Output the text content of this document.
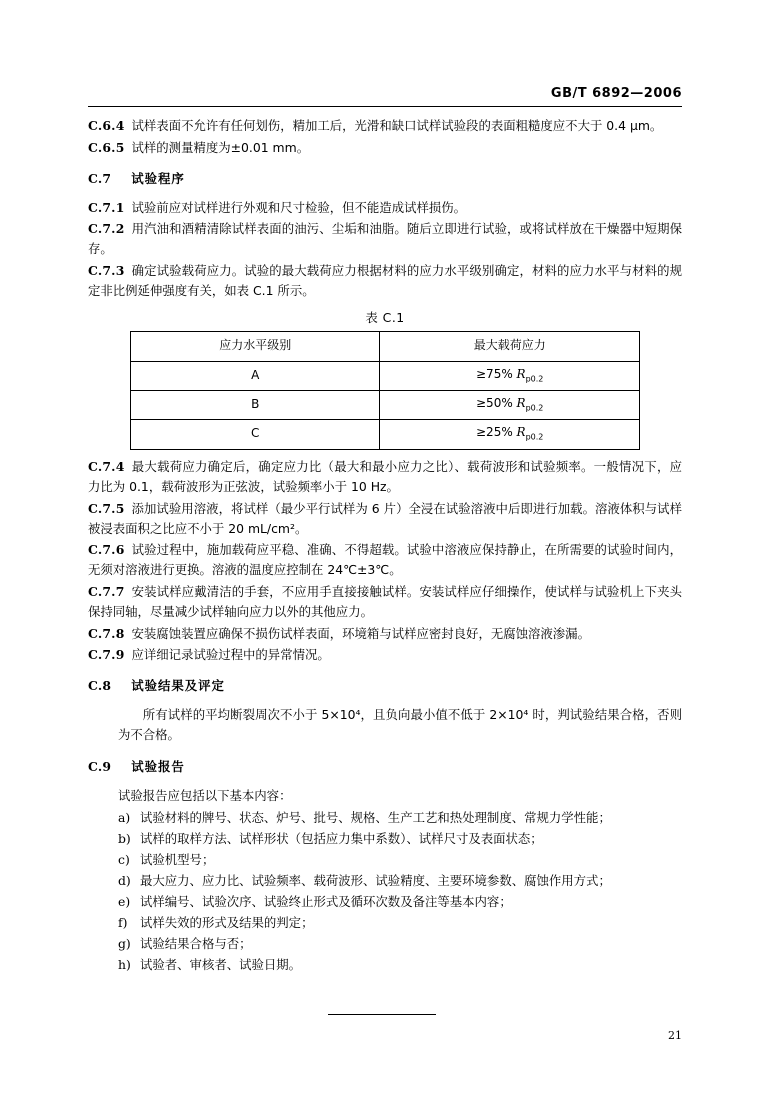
GB/T 6892—2006

C.6.4 试样表面不允许有任何划伤，精加工后，光滑和缺口试样试验段的表面粗糙度应不大于 0.4 μm。

C.6.5 试样的测量精度为±0.01 mm。

C.7 试验程序

C.7.1 试验前应对试样进行外观和尺寸检验，但不能造成试样损伤。

C.7.2 用汽油和酒精清除试样表面的油污、尘垢和油脂。随后立即进行试验，或将试样放在干燥器中短期保存。

C.7.3 确定试验载荷应力。试验的最大载荷应力根据材料的应力水平级别确定，材料的应力水平与材料的规定非比例延伸强度有关，如表 C.1 所示。

表 C.1
应力水平级别	最大载荷应力
A	≥75% $R_{p0.2}$
B	≥50% $R_{p0.2}$
C	≥25% $R_{p0.2}$

C.7.4 最大载荷应力确定后，确定应力比（最大和最小应力之比）、载荷波形和试验频率。一般情况下，应力比为 0.1，载荷波形为正弦波，试验频率小于 10 Hz。

C.7.5 添加试验用溶液，将试样（最少平行试样为 6 片）全浸在试验溶液中后即进行加载。溶液体积与试样被浸表面积之比应不小于 20 mL/cm²。

C.7.6 试验过程中，施加载荷应平稳、准确、不得超载。试验中溶液应保持静止，在所需要的试验时间内，无须对溶液进行更换。溶液的温度应控制在 24℃±3℃。

C.7.7 安装试样应戴清洁的手套，不应用手直接接触试样。安装试样应仔细操作，使试样与试验机上下夹头保持同轴，尽量减少试样轴向应力以外的其他应力。

C.7.8 安装腐蚀装置应确保不损伤试样表面，环境箱与试样应密封良好，无腐蚀溶液渗漏。

C.7.9 应详细记录试验过程中的异常情况。

C.8 试验结果及评定

所有试样的平均断裂周次不小于 5×10⁴，且负向最小值不低于 2×10⁴ 时，判试验结果合格，否则为不合格。

C.9 试验报告

试验报告应包括以下基本内容：

a) 试验材料的牌号、状态、炉号、批号、规格、生产工艺和热处理制度、常规力学性能；

b) 试样的取样方法、试样形状（包括应力集中系数）、试样尺寸及表面状态；

c) 试验机型号；

d) 最大应力、应力比、试验频率、载荷波形、试验精度、主要环境参数、腐蚀作用方式；

e) 试样编号、试验次序、试验终止形式及循环次数及备注等基本内容；

f) 试样失效的形式及结果的判定；

g) 试验结果合格与否；

h) 试验者、审核者、试验日期。

21
